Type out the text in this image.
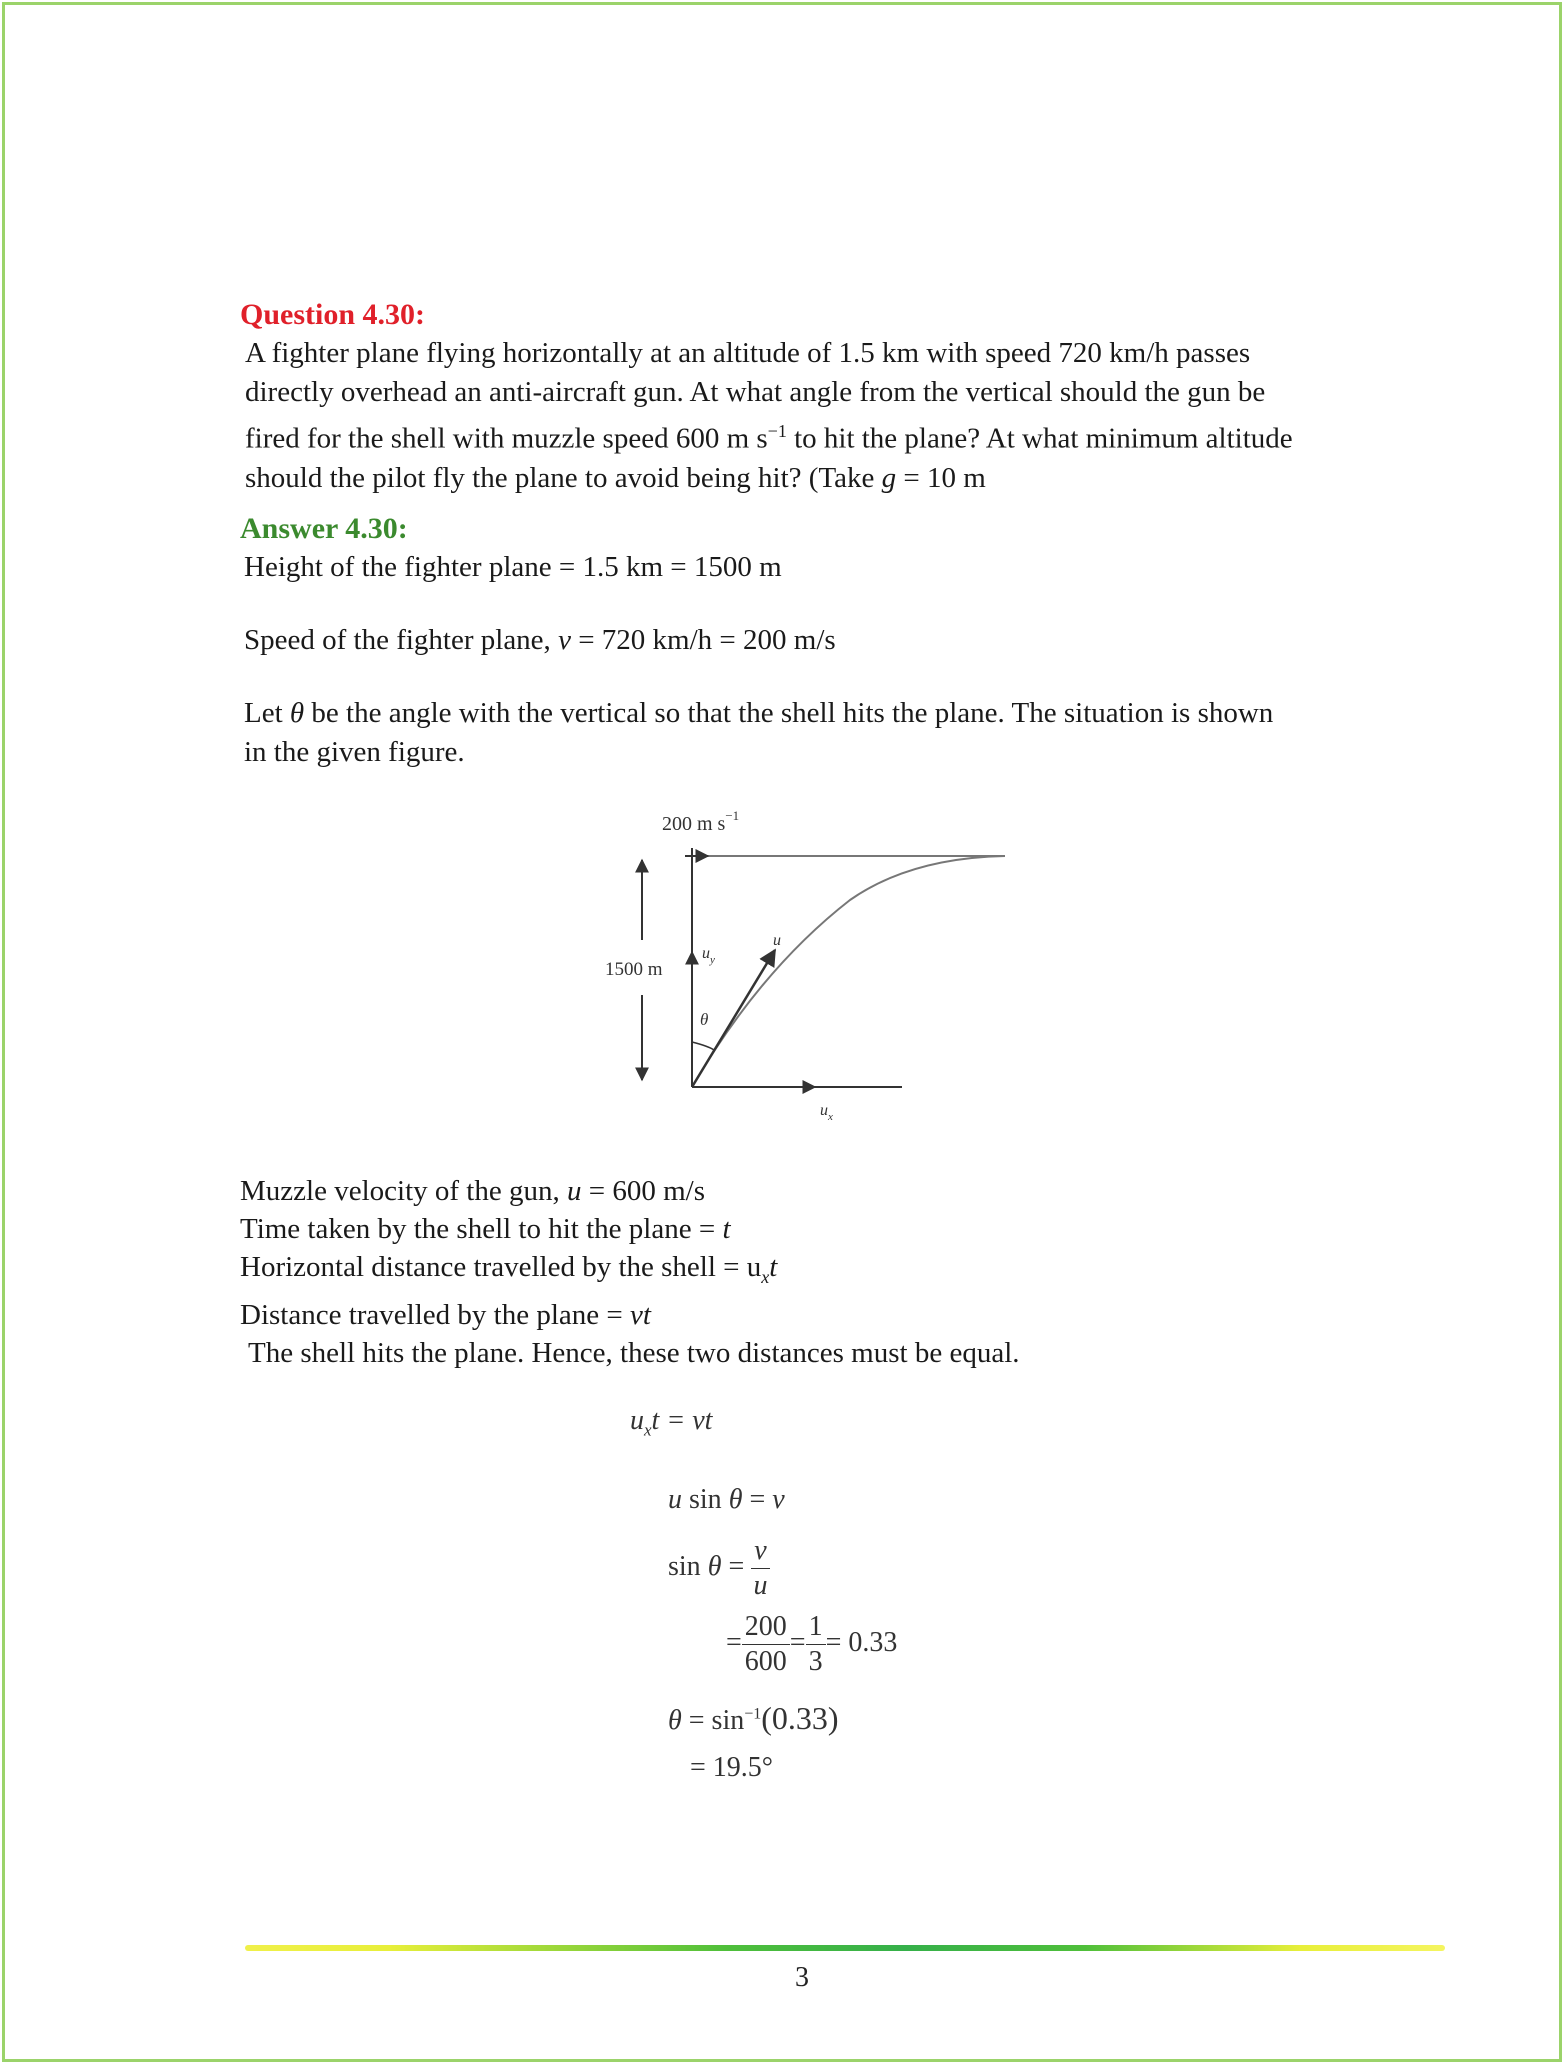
Question 4.30:

A fighter plane flying horizontally at an altitude of 1.5 km with speed 720 km/h passes

directly overhead an anti-aircraft gun. At what angle from the vertical should the gun be

fired for the shell with muzzle speed 600 m $s^{-1}$ to hit the plane? At what minimum altitude

should the pilot fly the plane to avoid being hit? (Take g = 10 m

Answer 4.30:

Height of the fighter plane = 1.5 km = 1500 m

Speed of the fighter plane, v = 720 km/h = 200 m/s

Let θ be the angle with the vertical so that the shell hits the plane. The situation is shown

in the given figure.

200 m $s^{-1}$
1500 m
u
$u_y$
$u_x$
θ

Muzzle velocity of the gun, u = 600 m/s

Time taken by the shell to hit the plane = t

Horizontal distance travelled by the shell = $u_xt$

Distance travelled by the plane = vt

The shell hits the plane. Hence, these two distances must be equal.

$u_xt$ = vt
u sin θ = v
$\sin \theta = \frac{v}{u}$
= $\frac{200}{600} = \frac{1}{3} = 0.33$
$\theta = \sin^{-1}(0.33)$
= 19.5°
3
